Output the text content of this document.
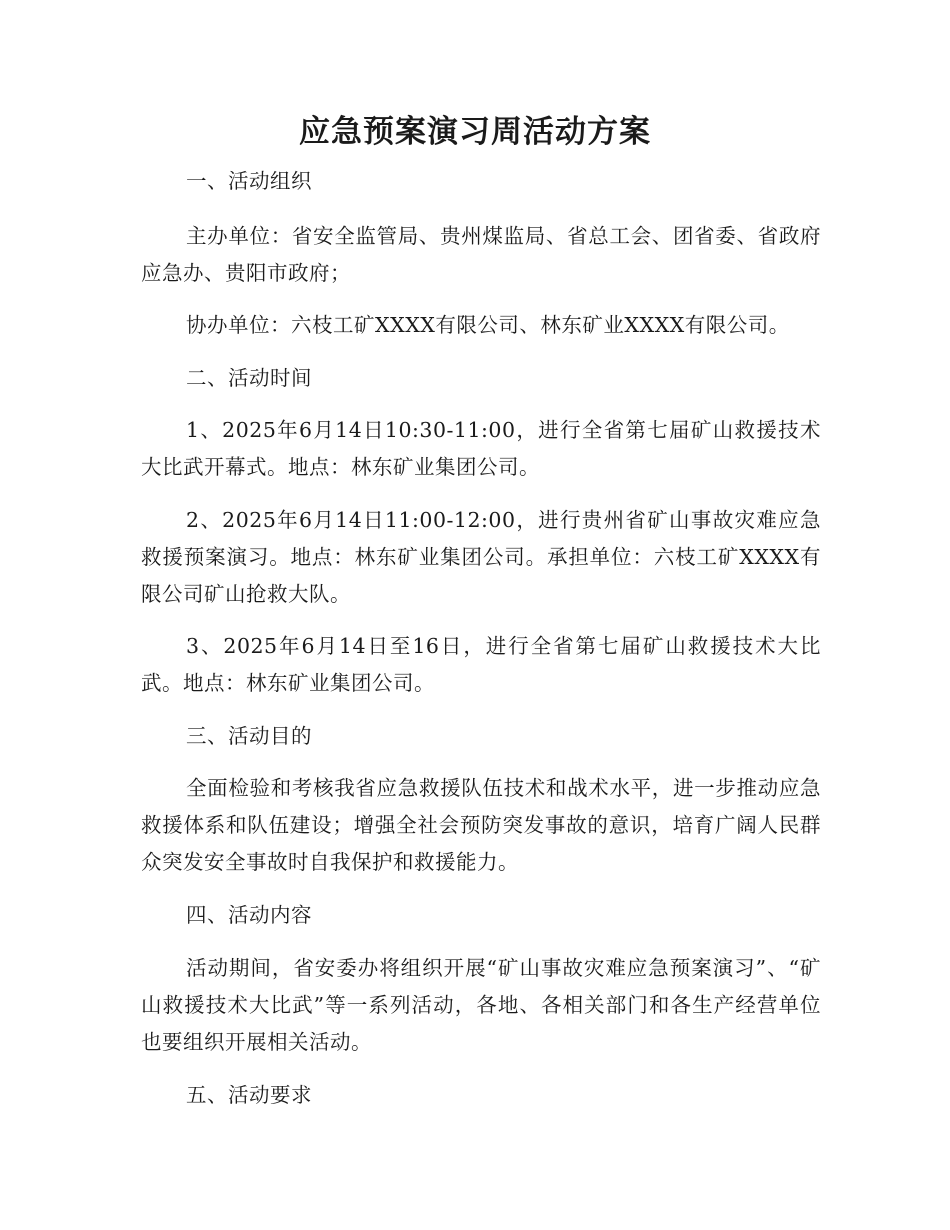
应急预案演习周活动方案

一、活动组织

主办单位：省安全监管局、贵州煤监局、省总工会、团省委、省政府应急办、贵阳市政府；

协办单位：六枝工矿XXXX有限公司、林东矿业XXXX有限公司。

二、活动时间

1、2025年6月14日10:30-11:00，进行全省第七届矿山救援技术大比武开幕式。地点：林东矿业集团公司。

2、2025年6月14日11:00-12:00，进行贵州省矿山事故灾难应急救援预案演习。地点：林东矿业集团公司。承担单位：六枝工矿XXXX有限公司矿山抢救大队。

3、2025年6月14日至16日，进行全省第七届矿山救援技术大比武。地点：林东矿业集团公司。

三、活动目的

全面检验和考核我省应急救援队伍技术和战术水平，进一步推动应急救援体系和队伍建设；增强全社会预防突发事故的意识，培育广阔人民群众突发安全事故时自我保护和救援能力。

四、活动内容

活动期间，省安委办将组织开展“矿山事故灾难应急预案演习”、“矿山救援技术大比武”等一系列活动，各地、各相关部门和各生产经营单位也要组织开展相关活动。

五、活动要求
